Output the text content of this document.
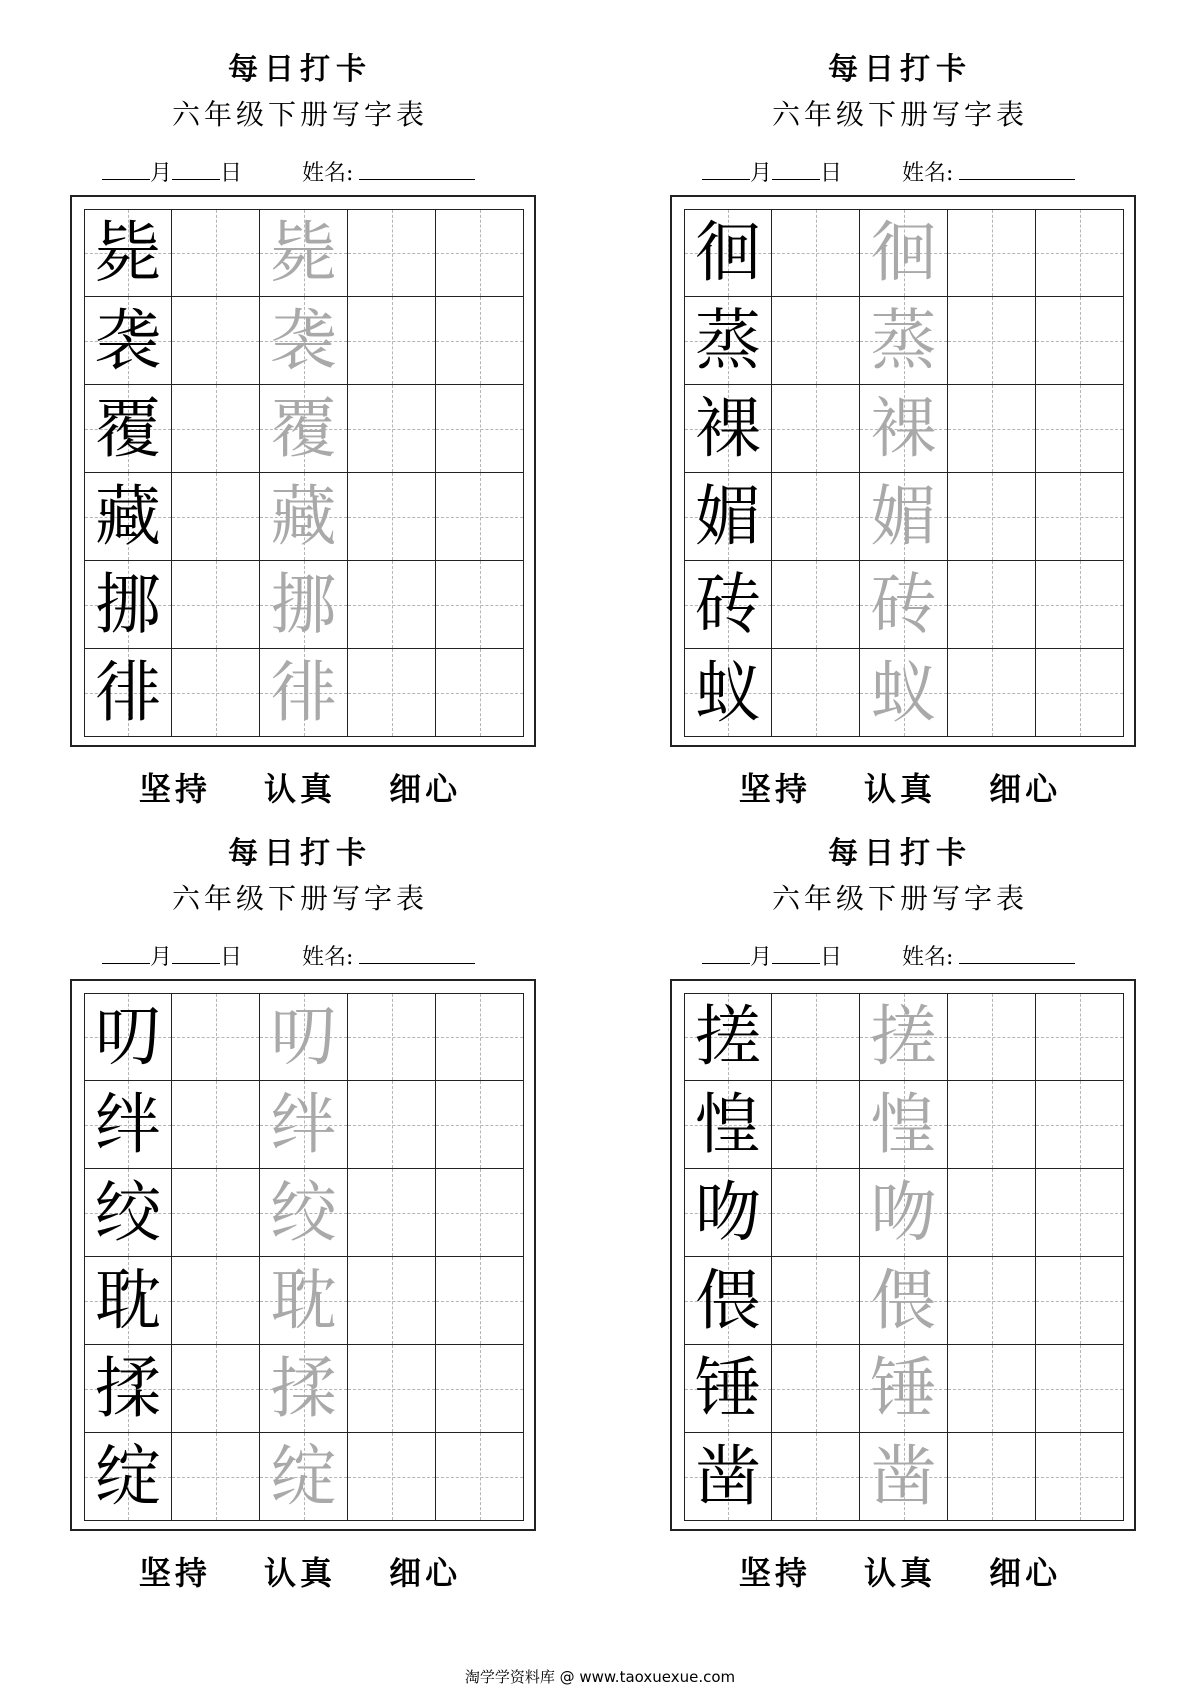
每日打卡
六年级下册写字表
月 日	姓名:
毙 毙
袭 袭
覆 覆
藏 藏
挪 挪
徘 徘
坚持 认真 细心
每日打卡
六年级下册写字表
月 日	姓名:
徊 徊
蒸 蒸
裸 裸
媚 媚
砖 砖
蚁 蚁
坚持 认真 细心
每日打卡
六年级下册写字表
月 日	姓名:
叨 叨
绊 绊
绞 绞
耽 耽
揉 揉
绽 绽
坚持 认真 细心
每日打卡
六年级下册写字表
月 日	姓名:
搓 搓
惶 惶
吻 吻
偎 偎
锤 锤
凿 凿
坚持 认真 细心
淘学学资料库 @ www.taoxuexue.com
